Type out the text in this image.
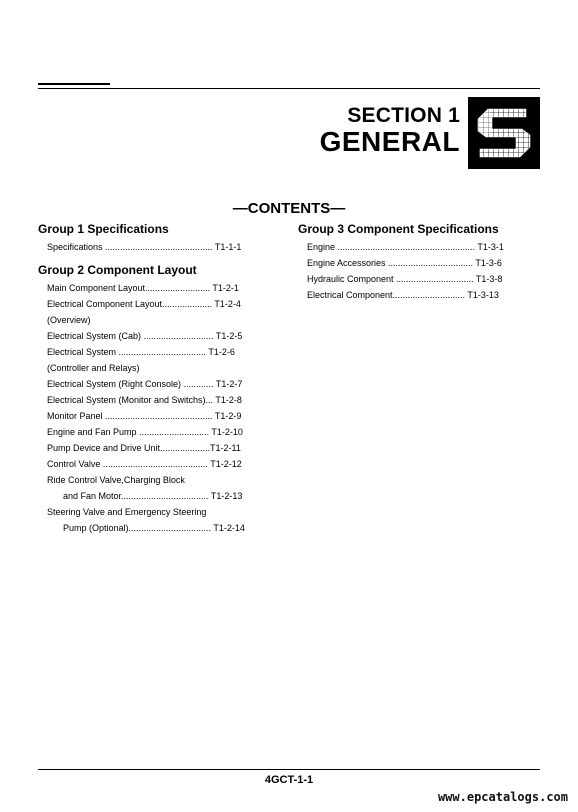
SECTION 1
GENERAL
—CONTENTS—
Group 1 Specifications
Specifications ........................................... T1-1-1
Group 2 Component Layout
Main Component Layout.......................... T1-2-1
Electrical Component Layout.................... T1-2-4
(Overview)
Electrical System (Cab) ............................ T1-2-5
Electrical System ................................... T1-2-6
(Controller and Relays)
Electrical System (Right Console) ............ T1-2-7
Electrical System (Monitor and Switchs)... T1-2-8
Monitor Panel ........................................... T1-2-9
Engine and Fan Pump ............................ T1-2-10
Pump Device and Drive Unit....................T1-2-11
Control Valve .......................................... T1-2-12
Ride Control Valve,Charging Block
and Fan Motor................................... T1-2-13
Steering Valve and Emergency Steering
Pump (Optional)................................. T1-2-14
Group 3 Component Specifications
Engine ....................................................... T1-3-1
Engine Accessories .................................. T1-3-6
Hydraulic Component ............................... T1-3-8
Electrical Component............................. T1-3-13
4GCT-1-1
www.epcatalogs.com
